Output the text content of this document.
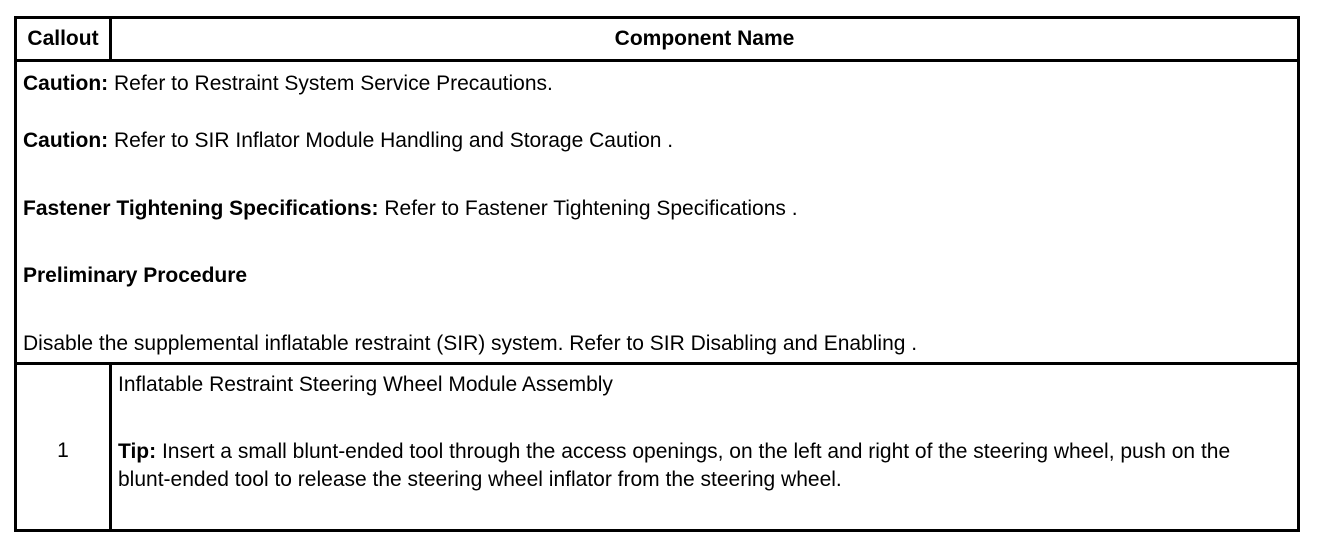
Callout	Component Name
Caution: Refer to Restraint System Service Precautions.
Caution: Refer to SIR Inflator Module Handling and Storage Caution .
Fastener Tightening Specifications: Refer to Fastener Tightening Specifications .
Preliminary Procedure
Disable the supplemental inflatable restraint (SIR) system. Refer to SIR Disabling and Enabling .
1
Inflatable Restraint Steering Wheel Module Assembly
Tip: Insert a small blunt-ended tool through the access openings, on the left and right of the steering wheel, push on the blunt-ended tool to release the steering wheel inflator from the steering wheel.
